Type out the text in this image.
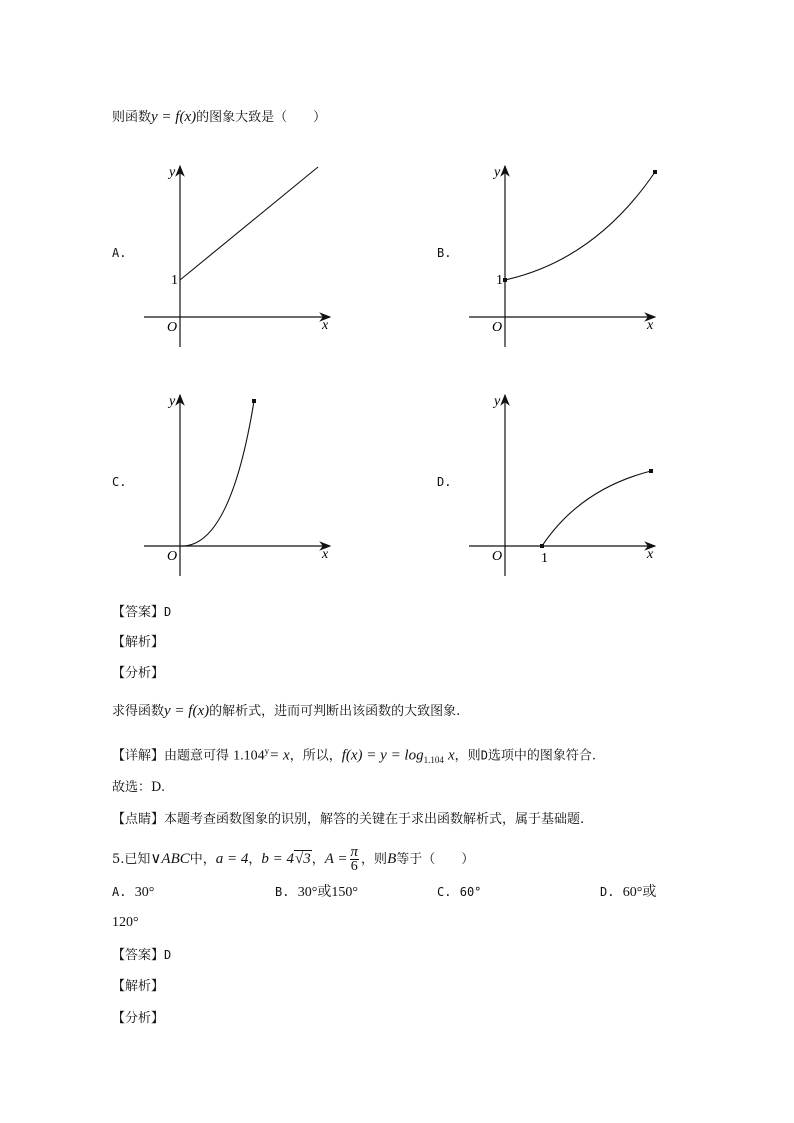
则函数y = f(x)的图象大致是（　　）
A.	B.
C.	D.
y
x
O
1
y
x
O
1
y
x
O
y
x
O	1
【答案】D
【解析】
【分析】
求得函数y = f(x)的解析式，进而可判断出该函数的大致图象.
【详解】由题意可得 $1.104^y= x$，所以，$f(x) = y = \log_{1.104} x$，则D选项中的图象符合.
故选：D.
【点睛】本题考查函数图象的识别，解答的关键在于求出函数解析式，属于基础题.
5.已知∨ABC中，a = 4，b = 4√3，$A = \frac{\pi}{6}$ ，则B等于（　　）
A. 30°	B. 30°或150°	C. 60°	D. 60°或
120°
【答案】D
【解析】
【分析】
